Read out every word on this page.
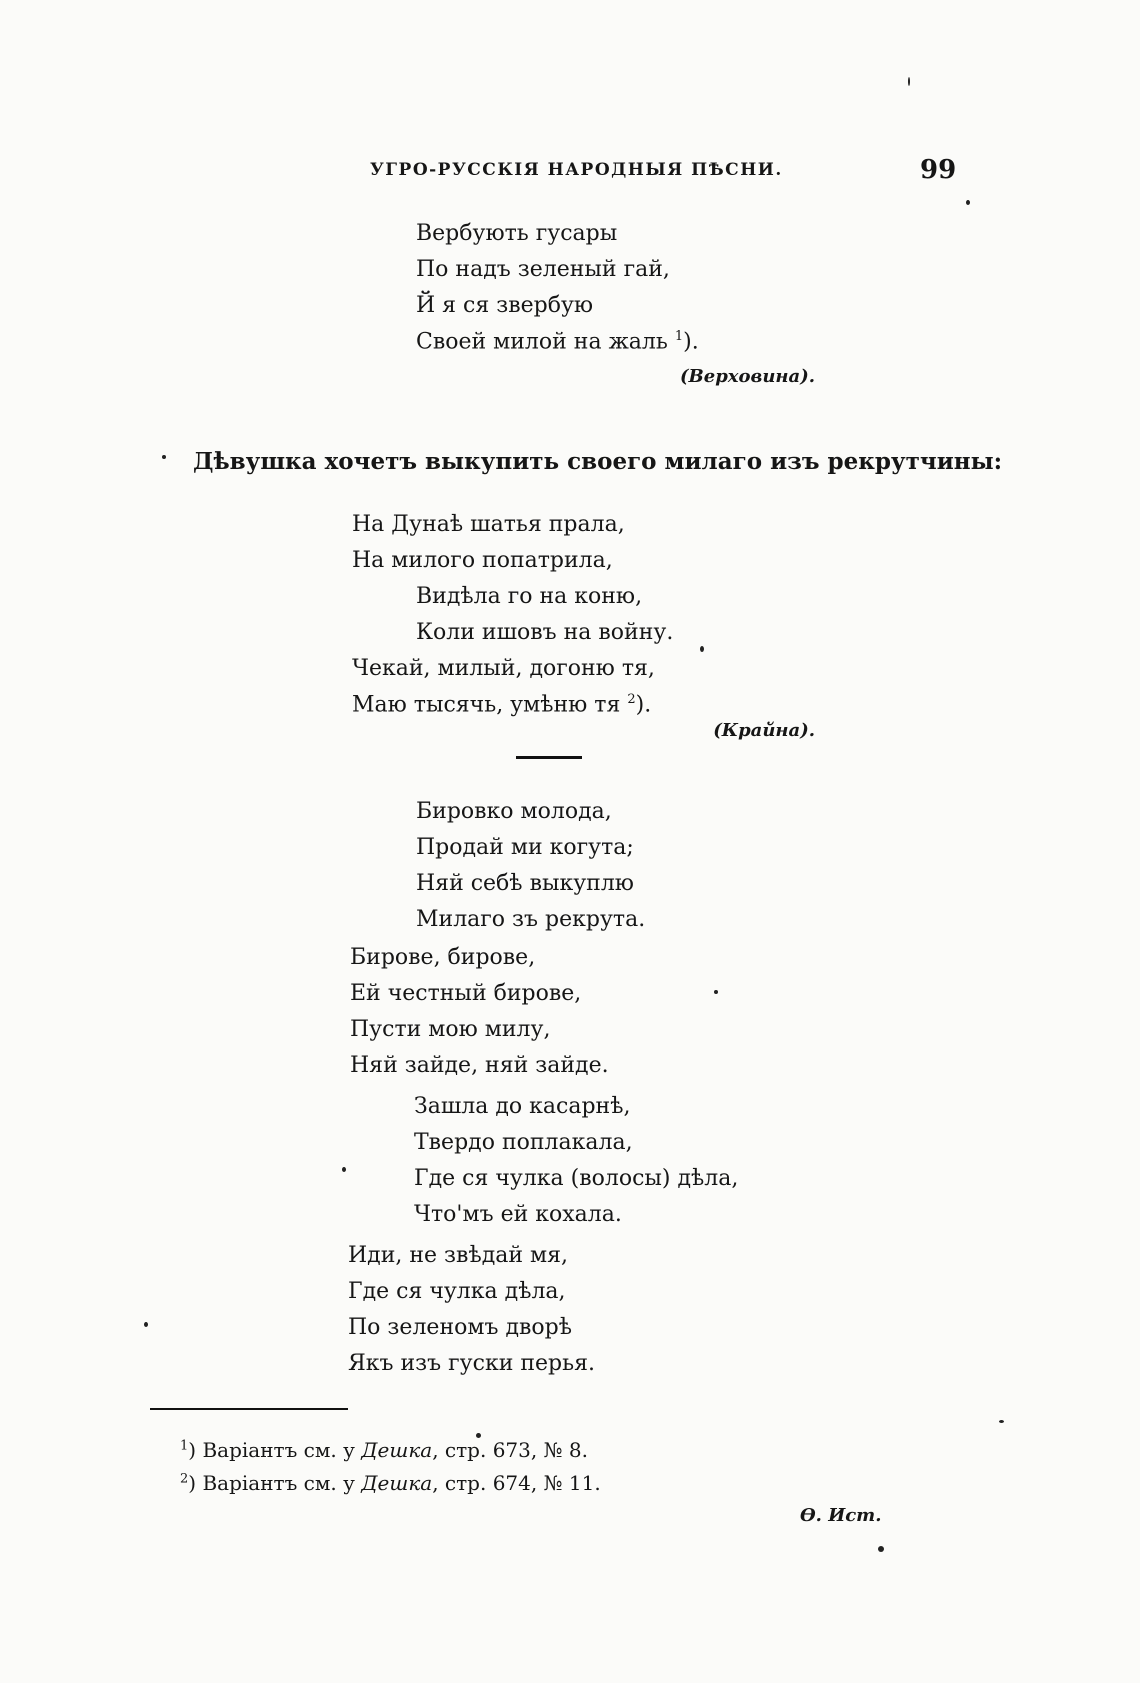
УГРО-РУССКІЯ НАРОДНЫЯ ПѢСНИ.	99
Вербують гусары
По надъ зеленый гай,
Й я ся звербую
Своей милой на жаль $^1$).
(Верховина).
Дѣвушка хочетъ выкупить своего милаго изъ рекрутчины:
На Дунаѣ шатья прала,
На милого попатрила,
Видѣла го на коню,
Коли ишовъ на войну.
Чекай, милый, догоню тя,
Маю тысячь, умѣню тя $^2$).
(Крайна).
Бировко молода,
Продай ми когута;
Няй себѣ выкуплю
Милаго зъ рекрута.
Бирове, бирове,
Ей честный бирове,
Пусти мою милу,
Няй зайде, няй зайде.
Зашла до касарнѣ,
Твердо поплакала,
Где ся чулка (волосы) дѣла,
Что'мъ ей кохала.
Иди, не звѣдай мя,
Где ся чулка дѣла,
По зеленомъ дворѣ
Якъ изъ гуски перья.
$^1$) Варіантъ см. у Дешка, стр. 673, № 8.
$^2$) Варіантъ см. у Дешка, стр. 674, № 11.
Ө. Ист.
